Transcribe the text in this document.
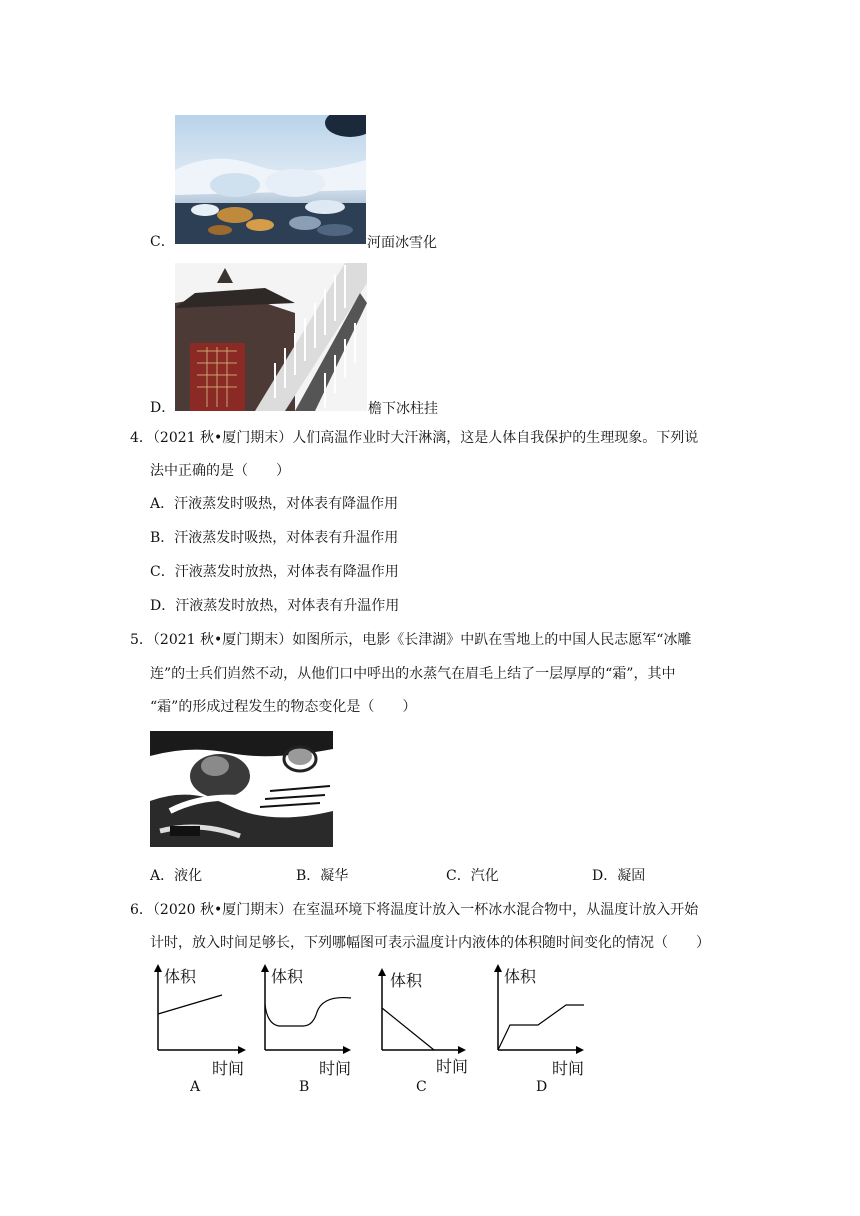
C．	河面冰雪化
D．	檐下冰柱挂
4．（2021 秋•厦门期末）人们高温作业时大汗淋漓，这是人体自我保护的生理现象。下列说
法中正确的是（　　）
A．汗液蒸发时吸热，对体表有降温作用
B．汗液蒸发时吸热，对体表有升温作用
C．汗液蒸发时放热，对体表有降温作用
D．汗液蒸发时放热，对体表有升温作用
5．（2021 秋•厦门期末）如图所示，电影《长津湖》中趴在雪地上的中国人民志愿军“冰雕
连”的士兵们岿然不动，从他们口中呼出的水蒸气在眉毛上结了一层厚厚的“霜”，其中
“霜”的形成过程发生的物态变化是（　　）
A．液化	B．凝华	C．汽化	D．凝固
6．（2020 秋•厦门期末）在室温环境下将温度计放入一杯冰水混合物中，从温度计放入开始
计时，放入时间足够长，下列哪幅图可表示温度计内液体的体积随时间变化的情况（　　）
体积
时间
A
体积
时间
B
体积
时间
C
体积
时间
D
